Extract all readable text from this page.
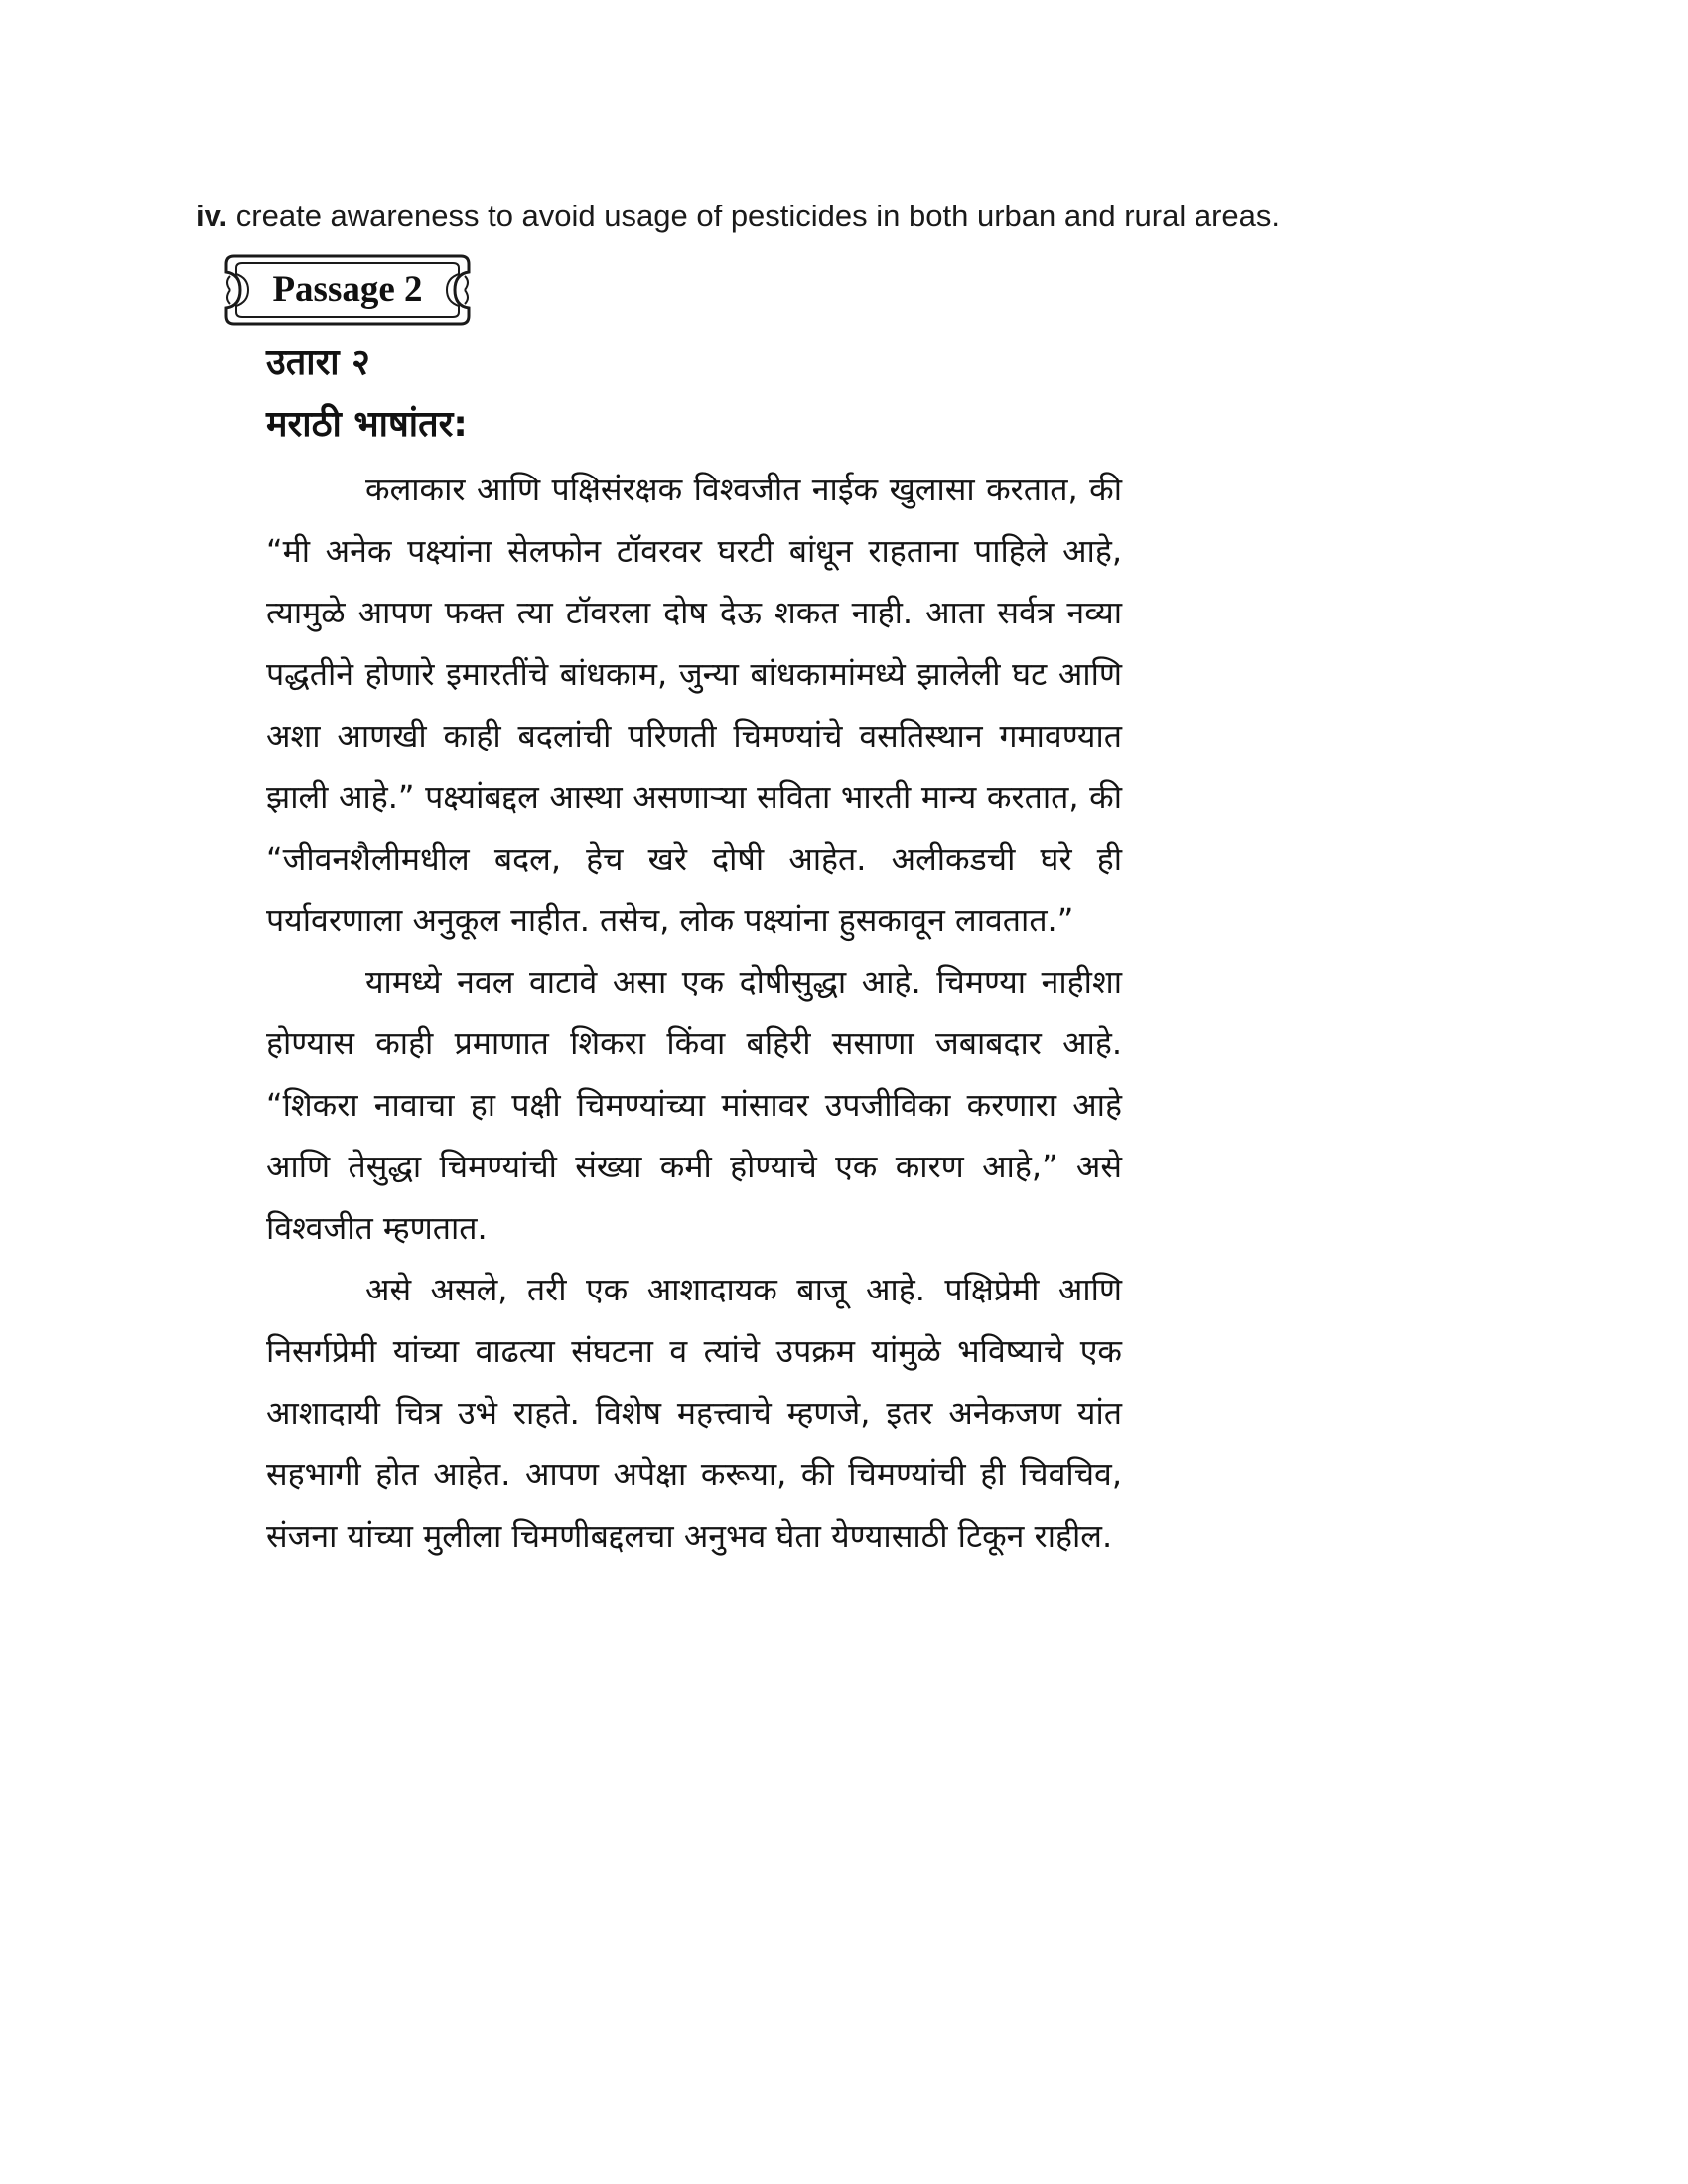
iv. create awareness to avoid usage of pesticides in both urban and rural areas.
Passage 2
उतारा २
मराठी भाषांतर:

कलाकार आणि पक्षिसंरक्षक विश्वजीत नाईक खुलासा करतात, की “मी अनेक पक्ष्यांना सेलफोन टॉवरवर घरटी बांधून राहताना पाहिले आहे, त्यामुळे आपण फक्त त्या टॉवरला दोष देऊ शकत नाही. आता सर्वत्र नव्या पद्धतीने होणारे इमारतींचे बांधकाम, जुन्या बांधकामांमध्ये झालेली घट आणि अशा आणखी काही बदलांची परिणती चिमण्यांचे वसतिस्थान गमावण्यात झाली आहे.” पक्ष्यांबद्दल आस्था असणाऱ्या सविता भारती मान्य करतात, की “जीवनशैलीमधील बदल, हेच खरे दोषी आहेत. अलीकडची घरे ही पर्यावरणाला अनुकूल नाहीत. तसेच, लोक पक्ष्यांना हुसकावून लावतात.”

यामध्ये नवल वाटावे असा एक दोषीसुद्धा आहे. चिमण्या नाहीशा होण्यास काही प्रमाणात शिकरा किंवा बहिरी ससाणा जबाबदार आहे. “शिकरा नावाचा हा पक्षी चिमण्यांच्या मांसावर उपजीविका करणारा आहे आणि तेसुद्धा चिमण्यांची संख्या कमी होण्याचे एक कारण आहे,” असे विश्वजीत म्हणतात.

असे असले, तरी एक आशादायक बाजू आहे. पक्षिप्रेमी आणि निसर्गप्रेमी यांच्या वाढत्या संघटना व त्यांचे उपक्रम यांमुळे भविष्याचे एक आशादायी चित्र उभे राहते. विशेष महत्त्वाचे म्हणजे, इतर अनेकजण यांत सहभागी होत आहेत. आपण अपेक्षा करूया, की चिमण्यांची ही चिवचिव, संजना यांच्या मुलीला चिमणीबद्दलचा अनुभव घेता येण्यासाठी टिकून राहील.
